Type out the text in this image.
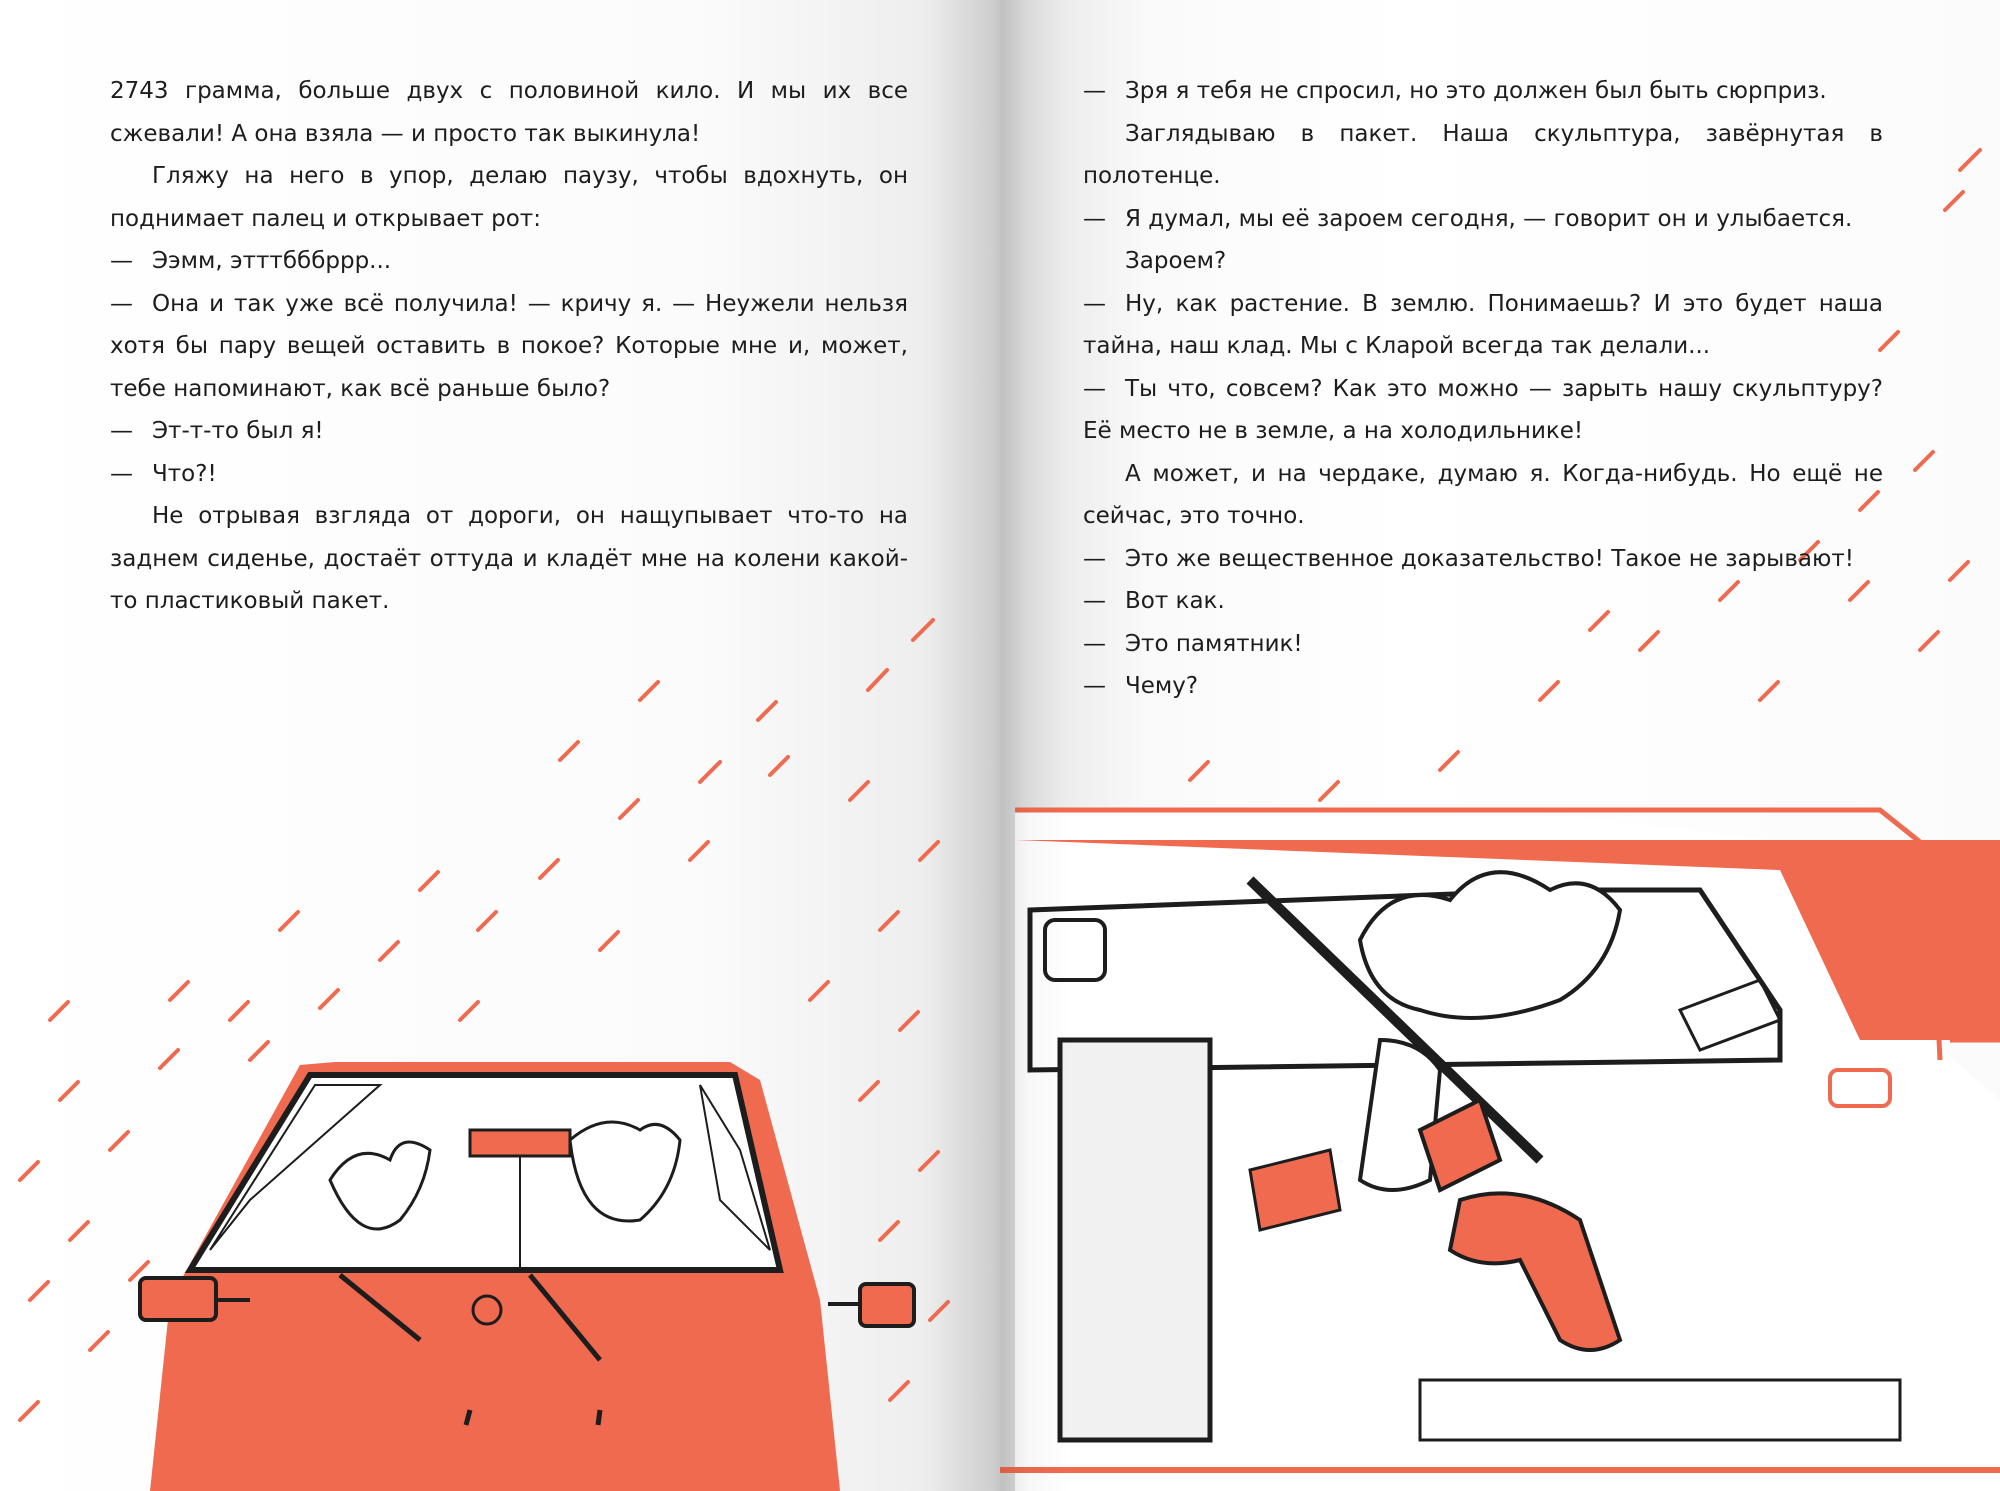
2743 грамма, больше двух с половиной кило. И мы их все сжевали! А она взяла — и просто так выкинула!

Гляжу на него в упор, делаю паузу, чтобы вдохнуть, он поднимает палец и открывает рот:

— Ээмм, этттбббррр...

— Она и так уже всё получила! — кричу я. — Неужели нельзя хотя бы пару вещей оставить в покое? Которые мне и, может, тебе напоминают, как всё раньше было?

— Эт-т-то был я!

— Что?!

Не отрывая взгляда от дороги, он нащупывает что-то на заднем сиденье, достаёт оттуда и кладёт мне на колени какой-то пластиковый пакет.

— Зря я тебя не спросил, но это должен был быть сюрприз.

Заглядываю в пакет. Наша скульптура, завёрнутая в полотенце.

— Я думал, мы её зароем сегодня, — говорит он и улыбается.

Зароем?

— Ну, как растение. В землю. Понимаешь? И это будет наша тайна, наш клад. Мы с Кларой всегда так делали...

— Ты что, совсем? Как это можно — зарыть нашу скульптуру? Её место не в земле, а на холодильнике!

А может, и на чердаке, думаю я. Когда-нибудь. Но ещё не сейчас, это точно.

— Это же вещественное доказательство! Такое не зарывают!

— Вот как.

— Это памятник!

— Чему?
